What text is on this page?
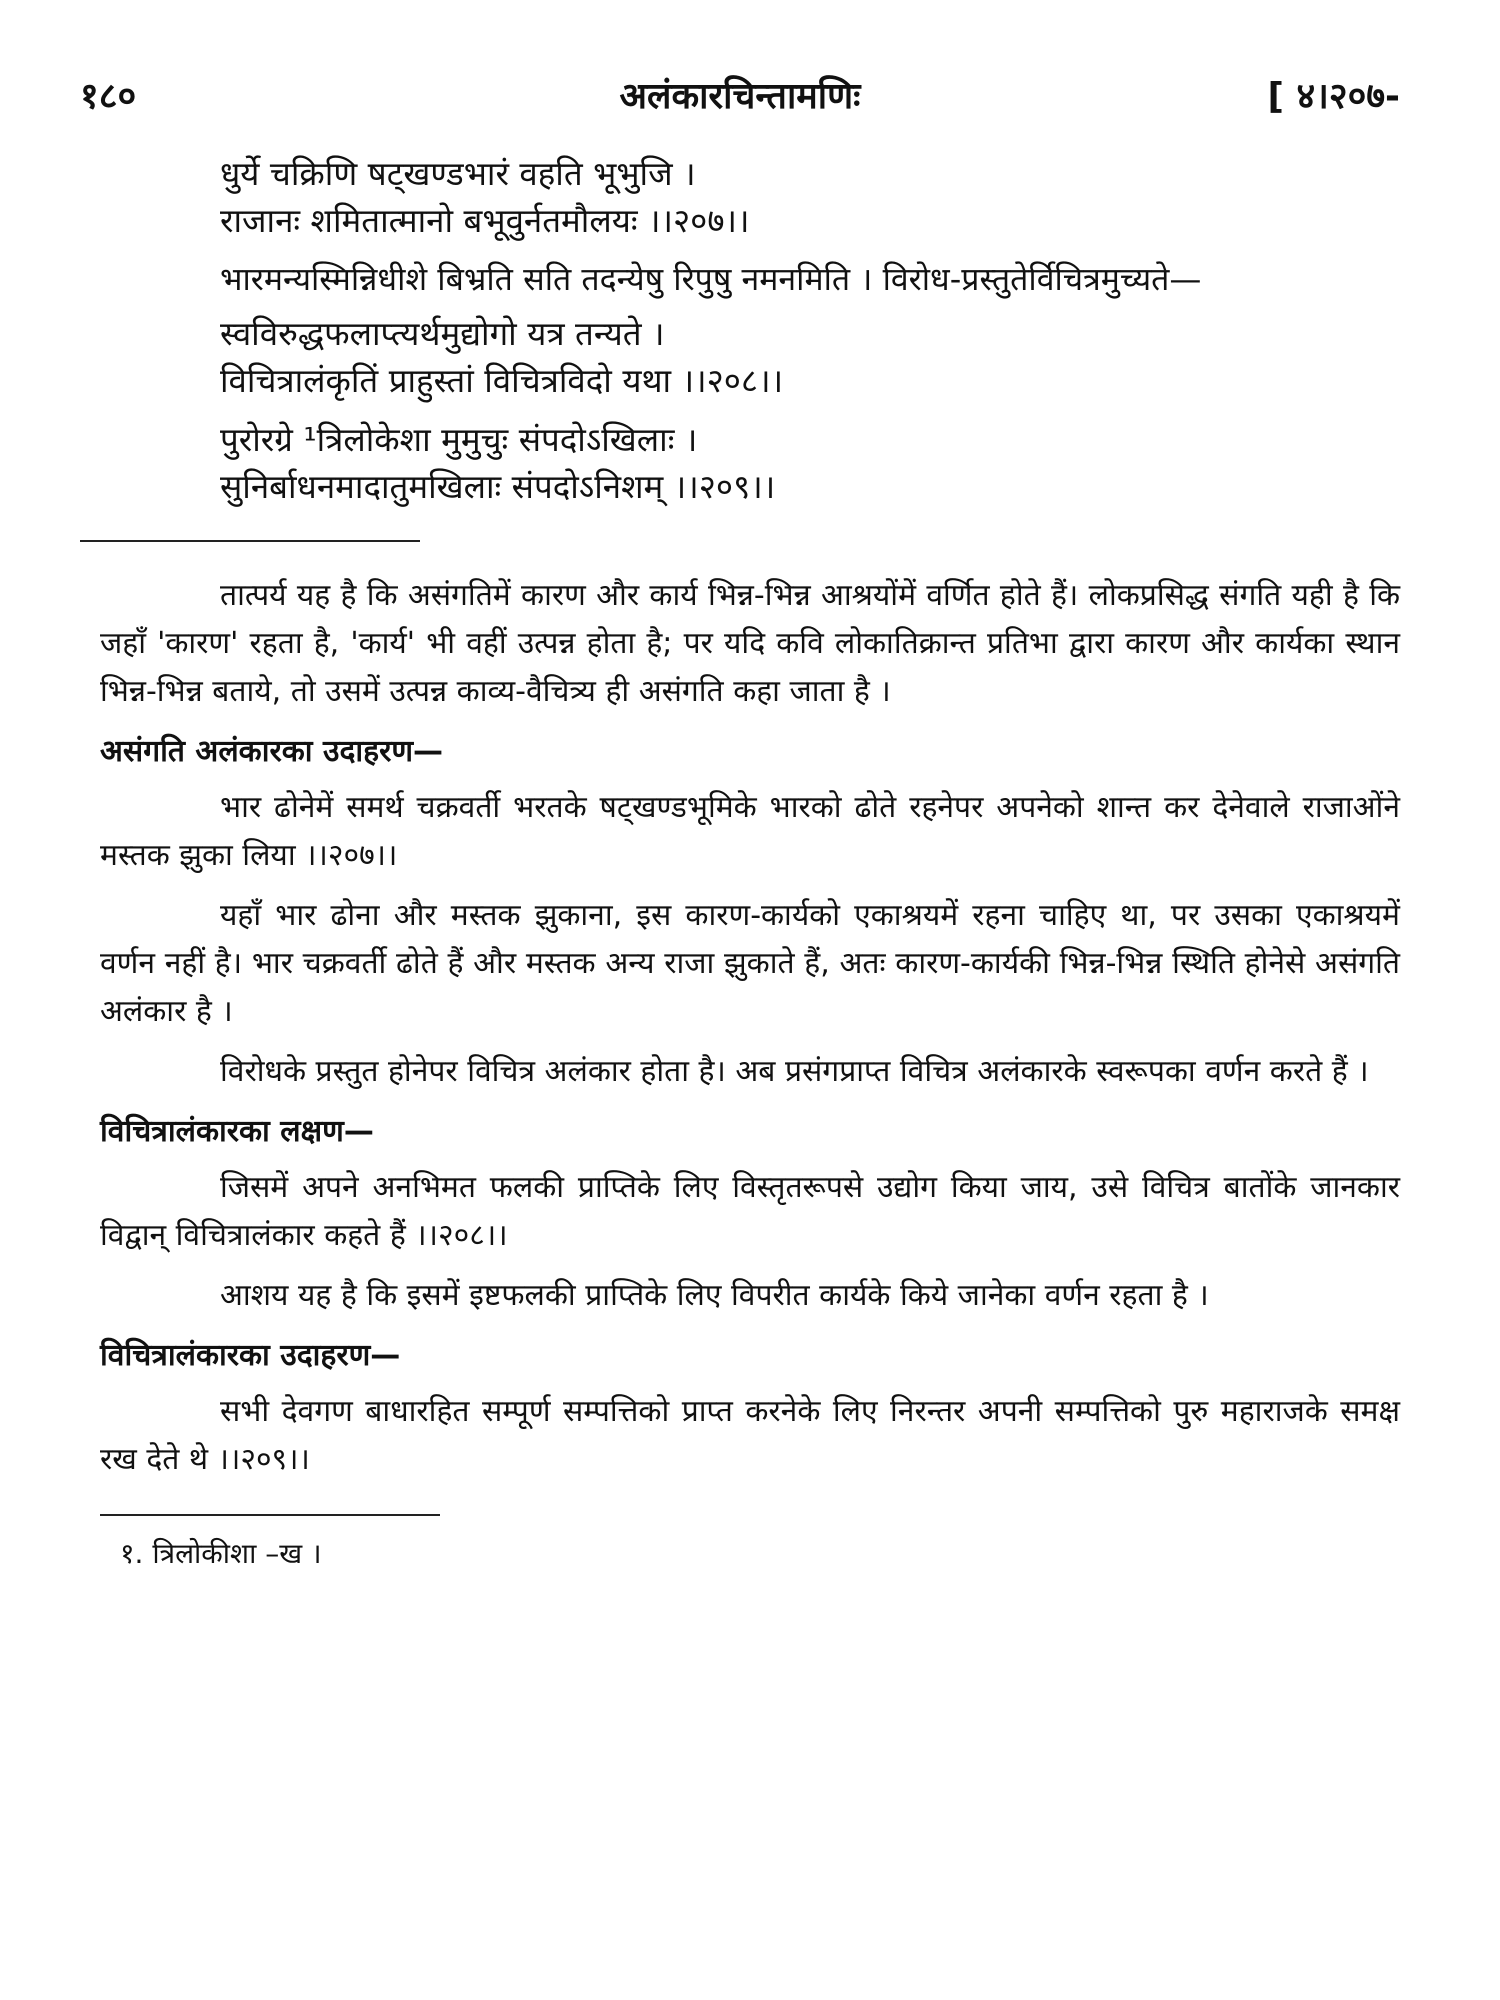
१८०	अलंकारचिन्तामणिः	[ ४।२०७-
धुर्ये चक्रिणि षट्खण्डभारं वहति भूभुजि ।
राजानः शमितात्मानो बभूवुर्नतमौलयः ।।२०७।।

भारमन्यस्मिन्निधीशे बिभ्रति सति तदन्येषु रिपुषु नमनमिति । विरोध-प्रस्तुतेर्विचित्रमुच्यते—

स्वविरुद्धफलाप्त्यर्थमुद्योगो यत्र तन्यते ।
विचित्रालंकृतिं प्राहुस्तां विचित्रविदो यथा ।।२०८।।
पुरोरग्रे ¹त्रिलोकेशा मुमुचुः संपदोऽखिलाः ।
सुनिर्बाधनमादातुमखिलाः संपदोऽनिशम् ।।२०९।।

तात्पर्य यह है कि असंगतिमें कारण और कार्य भिन्न-भिन्न आश्रयोंमें वर्णित होते हैं। लोकप्रसिद्ध संगति यही है कि जहाँ 'कारण' रहता है, 'कार्य' भी वहीं उत्पन्न होता है; पर यदि कवि लोकातिक्रान्त प्रतिभा द्वारा कारण और कार्यका स्थान भिन्न-भिन्न बताये, तो उसमें उत्पन्न काव्य-वैचित्र्य ही असंगति कहा जाता है ।

असंगति अलंकारका उदाहरण—

भार ढोनेमें समर्थ चक्रवर्ती भरतके षट्खण्डभूमिके भारको ढोते रहनेपर अपनेको शान्त कर देनेवाले राजाओंने मस्तक झुका लिया ।।२०७।।

यहाँ भार ढोना और मस्तक झुकाना, इस कारण-कार्यको एकाश्रयमें रहना चाहिए था, पर उसका एकाश्रयमें वर्णन नहीं है। भार चक्रवर्ती ढोते हैं और मस्तक अन्य राजा झुकाते हैं, अतः कारण-कार्यकी भिन्न-भिन्न स्थिति होनेसे असंगति अलंकार है ।

विरोधके प्रस्तुत होनेपर विचित्र अलंकार होता है। अब प्रसंगप्राप्त विचित्र अलंकारके स्वरूपका वर्णन करते हैं ।

विचित्रालंकारका लक्षण—

जिसमें अपने अनभिमत फलकी प्राप्तिके लिए विस्तृतरूपसे उद्योग किया जाय, उसे विचित्र बातोंके जानकार विद्वान् विचित्रालंकार कहते हैं ।।२०८।।

आशय यह है कि इसमें इष्टफलकी प्राप्तिके लिए विपरीत कार्यके किये जानेका वर्णन रहता है ।

विचित्रालंकारका उदाहरण—

सभी देवगण बाधारहित सम्पूर्ण सम्पत्तिको प्राप्त करनेके लिए निरन्तर अपनी सम्पत्तिको पुरु महाराजके समक्ष रख देते थे ।।२०९।।

१. त्रिलोकीशा –ख ।
